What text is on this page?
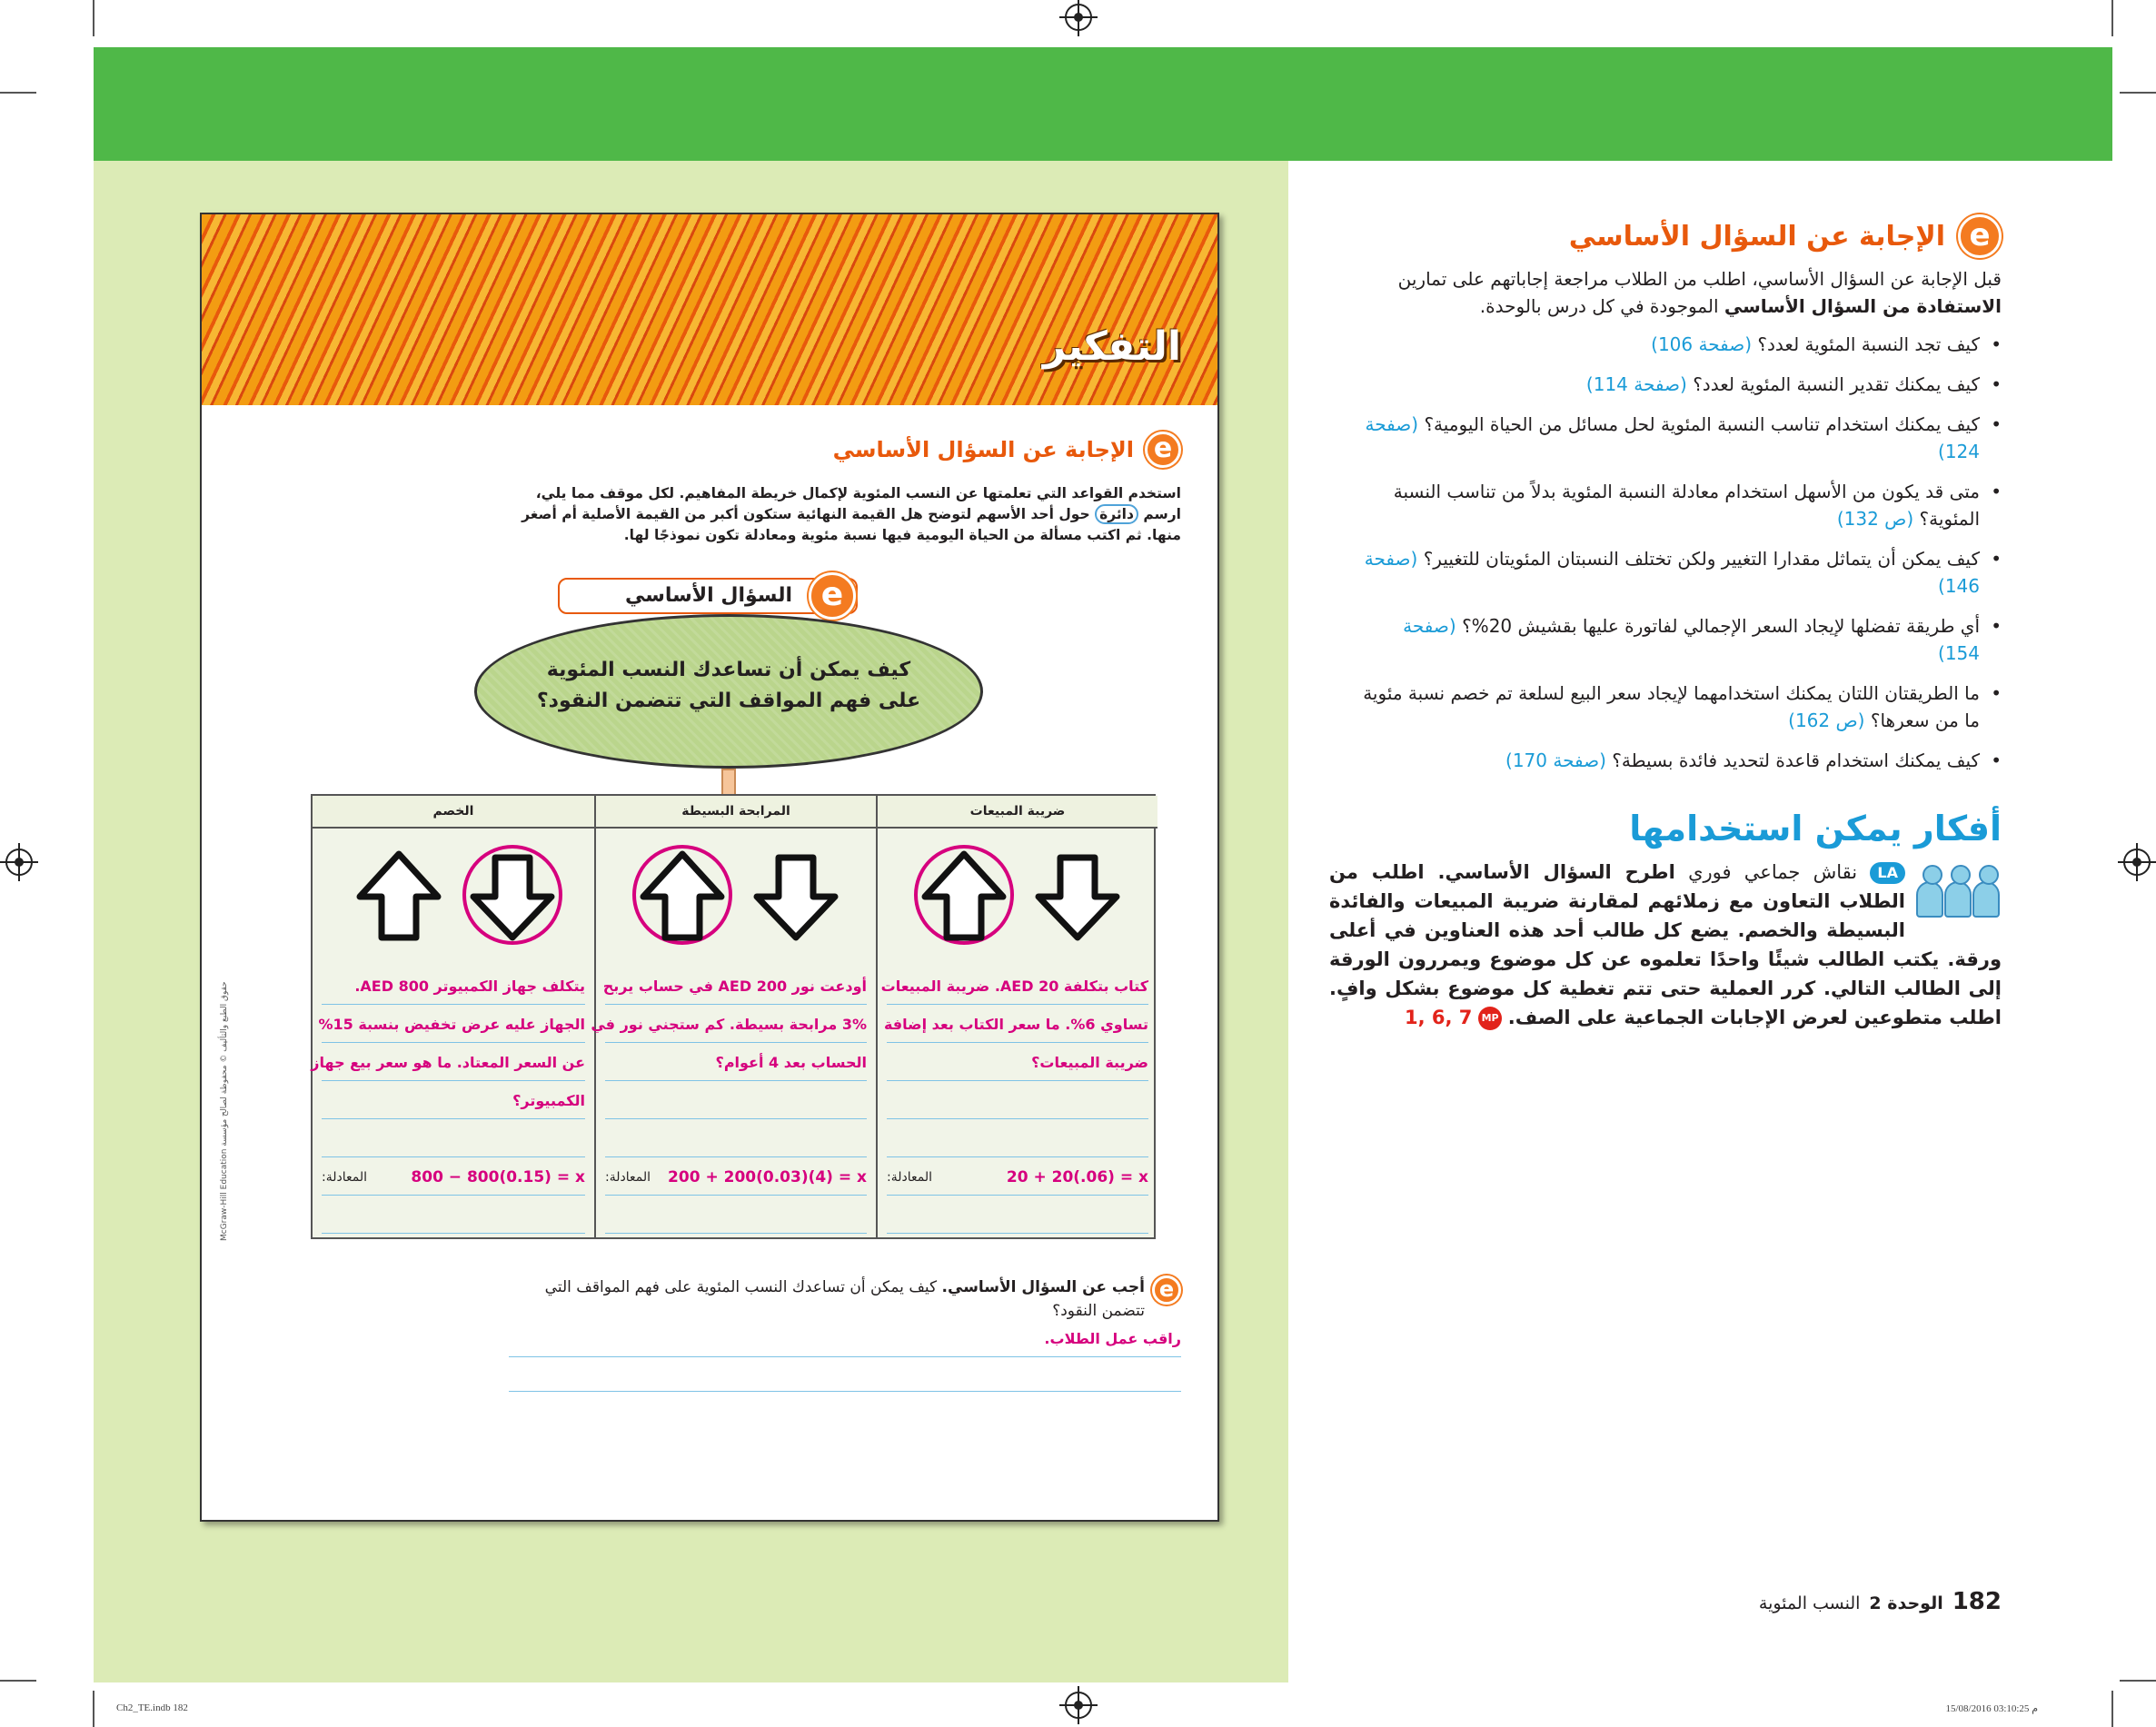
التفكير
الإجابة عن السؤال الأساسي e
استخدم القواعد التي تعلمتها عن النسب المئوية لإكمال خريطة المفاهيم. لكل موقف مما يلي، ارسم دائرة حول أحد الأسهم لتوضح هل القيمة النهائية ستكون أكبر من القيمة الأصلية أم أصغر منها. ثم اكتب مسألة من الحياة اليومية فيها نسبة مئوية ومعادلة تكون نموذجًا لها.
السؤال الأساسي e
كيف يمكن أن تساعدك النسب المئوية على فهم المواقف التي تتضمن النقود؟
الخصم
يتكلف جهاز الكمبيوتر AED 800.
الجهاز عليه عرض تخفيض بنسبة 15%
عن السعر المعتاد. ما هو سعر بيع جهاز
الكمبيوتر؟
المعادلة:	800 − 800(0.15) = x
المرابحة البسيطة
أودعت نور AED 200 في حساب يربح
3% مرابحة بسيطة. كم ستجني نور في
الحساب بعد 4 أعوام؟
المعادلة: 200 + 200(0.03)(4) = x
ضريبة المبيعات
كتاب بتكلفة AED 20. ضريبة المبيعات
تساوي 6%. ما سعر الكتاب بعد إضافة
ضريبة المبيعات؟
المعادلة:	20 + 20(.06) = x
e
أجب عن السؤال الأساسي. كيف يمكن أن تساعدك النسب المئوية على فهم المواقف التي تتضمن النقود؟
راقب عمل الطلاب.
McGraw-Hill Education حقوق الطبع والتأليف © محفوظة لصالح مؤسسة
الإجابة عن السؤال الأساسي e
قبل الإجابة عن السؤال الأساسي، اطلب من الطلاب مراجعة إجاباتهم على تمارين الاستفادة من السؤال الأساسي الموجودة في كل درس بالوحدة.
• كيف تجد النسبة المئوية لعدد؟ (صفحة 106)
• كيف يمكنك تقدير النسبة المئوية لعدد؟ (صفحة 114)
• كيف يمكنك استخدام تناسب النسبة المئوية لحل مسائل من الحياة اليومية؟ (صفحة 124)
• متى قد يكون من الأسهل استخدام معادلة النسبة المئوية بدلاً من تناسب النسبة المئوية؟ (ص 132)
• كيف يمكن أن يتماثل مقدارا التغيير ولكن تختلف النسبتان المئويتان للتغيير؟ (صفحة 146)
• أي طريقة تفضلها لإيجاد السعر الإجمالي لفاتورة عليها بقشيش 20%؟ (صفحة 154)
• ما الطريقتان اللتان يمكنك استخدامهما لإيجاد سعر البيع لسلعة تم خصم نسبة مئوية ما من سعرها؟ (ص 162)
• كيف يمكنك استخدام قاعدة لتحديد فائدة بسيطة؟ (صفحة 170)
أفكار يمكن استخدامها
LA نقاش جماعي فوري اطرح السؤال الأساسي. اطلب من الطلاب التعاون مع زملائهم لمقارنة ضريبة المبيعات والفائدة البسيطة والخصم. يضع كل طالب أحد هذه العناوين في أعلى ورقة. يكتب الطالب شيئًا واحدًا تعلموه عن كل موضوع ويمررون الورقة إلى الطالب التالي. كرر العملية حتى تتم تغطية كل موضوع بشكل وافٍ. اطلب متطوعين لعرض الإجابات الجماعية على الصف. MP 1, 6, 7
182
الوحدة 2
النسب المئوية
Ch2_TE.indb 182	15/08/2016 03:10:25 م
